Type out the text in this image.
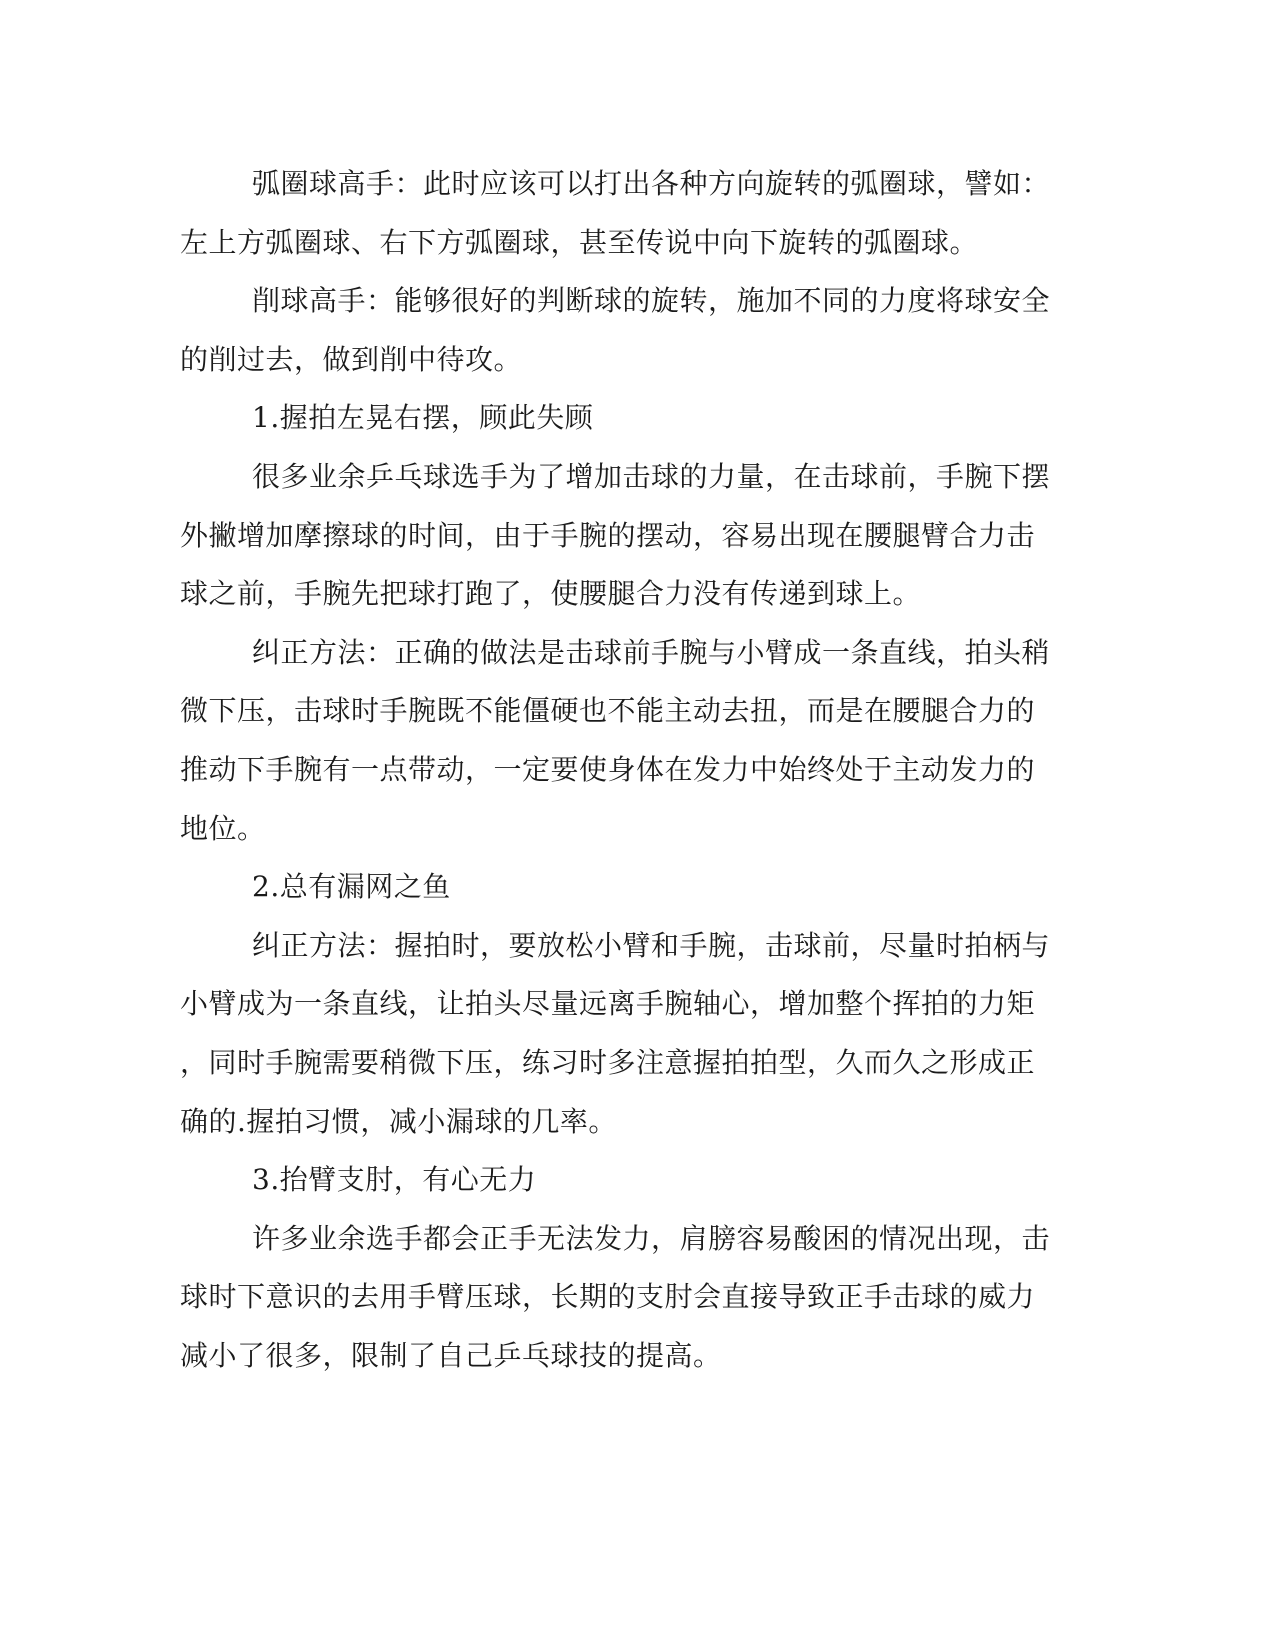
弧圈球高手：此时应该可以打出各种方向旋转的弧圈球，譬如：
左上方弧圈球、右下方弧圈球，甚至传说中向下旋转的弧圈球。
削球高手：能够很好的判断球的旋转，施加不同的力度将球安全
的削过去，做到削中待攻。
1.握拍左晃右摆，顾此失顾
很多业余乒乓球选手为了增加击球的力量，在击球前，手腕下摆
外撇增加摩擦球的时间，由于手腕的摆动，容易出现在腰腿臂合力击
球之前，手腕先把球打跑了，使腰腿合力没有传递到球上。
纠正方法：正确的做法是击球前手腕与小臂成一条直线，拍头稍
微下压，击球时手腕既不能僵硬也不能主动去扭，而是在腰腿合力的
推动下手腕有一点带动，一定要使身体在发力中始终处于主动发力的
地位。
2.总有漏网之鱼
纠正方法：握拍时，要放松小臂和手腕，击球前，尽量时拍柄与
小臂成为一条直线，让拍头尽量远离手腕轴心，增加整个挥拍的力矩
，同时手腕需要稍微下压，练习时多注意握拍拍型，久而久之形成正
确的.握拍习惯，减小漏球的几率。
3.抬臂支肘，有心无力
许多业余选手都会正手无法发力，肩膀容易酸困的情况出现，击
球时下意识的去用手臂压球，长期的支肘会直接导致正手击球的威力
减小了很多，限制了自己乒乓球技的提高。
